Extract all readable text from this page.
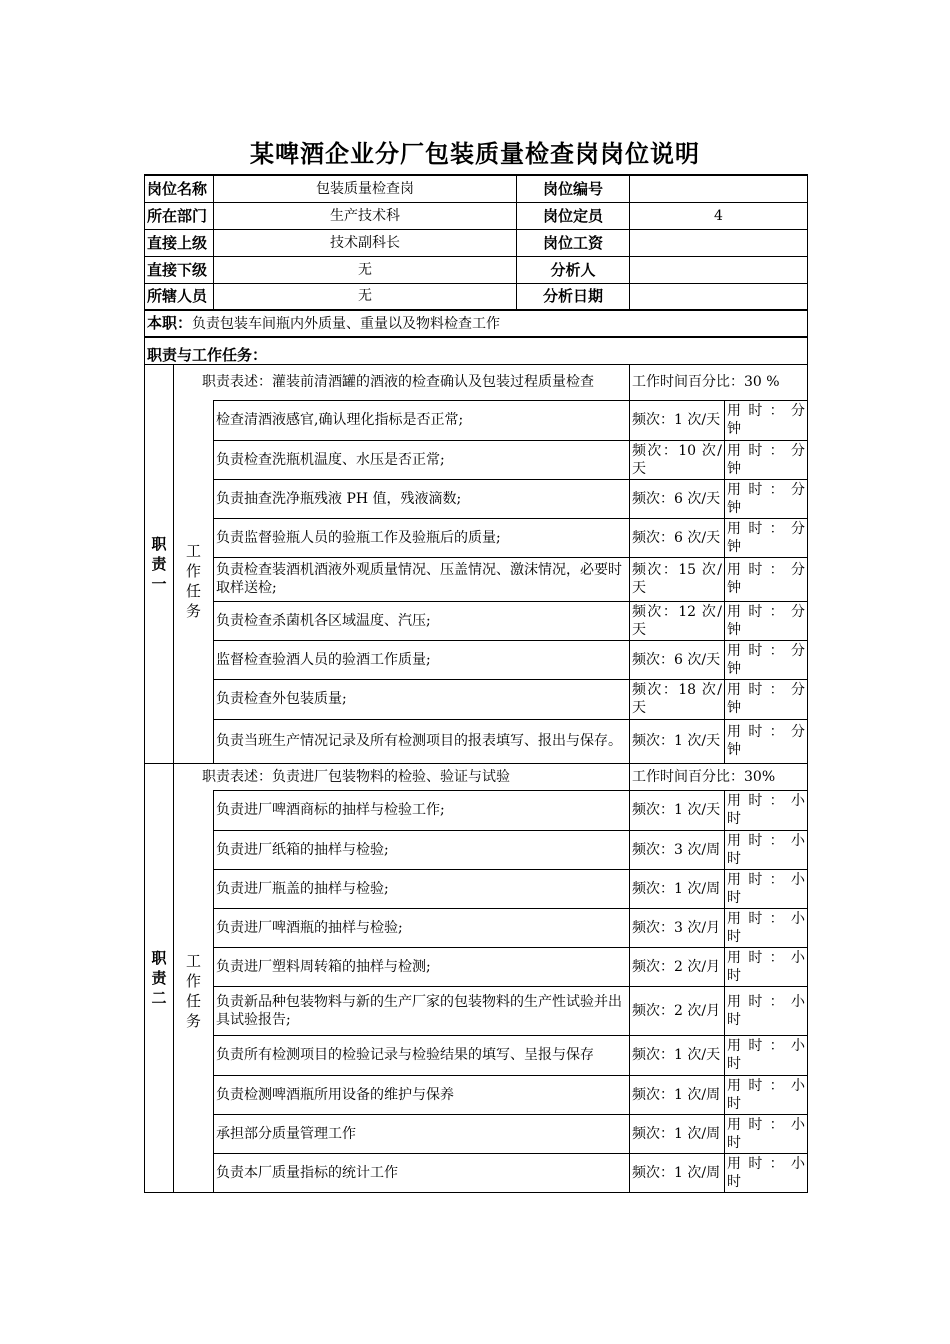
某啤酒企业分厂包装质量检查岗岗位说明
岗位名称		包装质量检查岗	岗位编号		
所在部门		生产技术科	岗位定员	4	
直接上级		技术副科长	岗位工资		
直接下级		无	分析人		
所辖人员		无	分析日期		
本职：负责包装车间瓶内外质量、重量以及物料检查工作					
职责与工作任务：					
职责一	职责表述：灌装前清酒罐的酒液的检查确认及包装过程质量检查			工作时间百分比：30 %	
	工作任务	检查清酒液感官,确认理化指标是否正常;		频次：1 次/天	用 时 ： 分钟
		负责检查洗瓶机温度、水压是否正常;		频次：10 次/天	用 时 ： 分钟
		负责抽查洗净瓶残液 PH 值，残液滴数;		频次：6 次/天	用 时 ： 分钟
		负责监督验瓶人员的验瓶工作及验瓶后的质量;		频次：6 次/天	用 时 ： 分钟
		负责检查装酒机酒液外观质量情况、压盖情况、激沫情况，必要时取样送检;		频次：15 次/天	用 时 ： 分钟
		负责检查杀菌机各区域温度、汽压;		频次：12 次/天	用 时 ： 分钟
		监督检查验酒人员的验酒工作质量;		频次：6 次/天	用 时 ： 分钟
		负责检查外包装质量;		频次：18 次/天	用 时 ： 分钟
		负责当班生产情况记录及所有检测项目的报表填写、报出与保存。		频次：1 次/天	用 时 ： 分钟
职责二	职责表述：负责进厂包装物料的检验、验证与试验			工作时间百分比：30%	
	工作任务	负责进厂啤酒商标的抽样与检验工作;		频次：1 次/天	用 时 ： 小时
		负责进厂纸箱的抽样与检验;		频次：3 次/周	用 时 ： 小时
		负责进厂瓶盖的抽样与检验;		频次：1 次/周	用 时 ： 小时
		负责进厂啤酒瓶的抽样与检验;		频次：3 次/月	用 时 ： 小时
		负责进厂塑料周转箱的抽样与检测;		频次：2 次/月	用 时 ： 小时
		负责新品种包装物料与新的生产厂家的包装物料的生产性试验并出具试验报告;		频次：2 次/月	用 时 ： 小时
		负责所有检测项目的检验记录与检验结果的填写、呈报与保存		频次：1 次/天	用 时 ： 小时
		负责检测啤酒瓶所用设备的维护与保养		频次：1 次/周	用 时 ： 小时
		承担部分质量管理工作		频次：1 次/周	用 时 ： 小时
		负责本厂质量指标的统计工作		频次：1 次/周	用 时 ： 小时
